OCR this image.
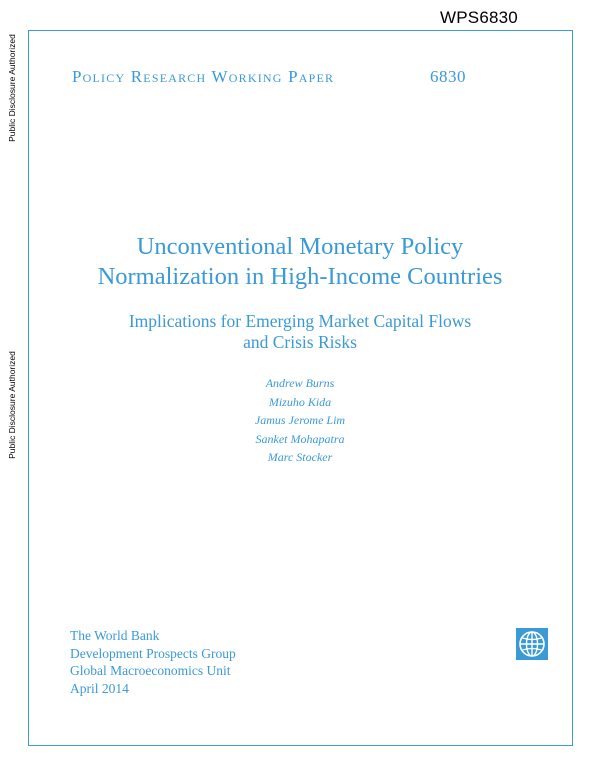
WPS6830
Public Disclosure Authorized
Public Disclosure Authorized
Policy Research Working Paper	6830
Unconventional Monetary Policy
Normalization in High-Income Countries
Implications for Emerging Market Capital Flows
and Crisis Risks
Andrew Burns
Mizuho Kida
Jamus Jerome Lim
Sanket Mohapatra
Marc Stocker
The World Bank
Development Prospects Group
Global Macroeconomics Unit
April 2014
